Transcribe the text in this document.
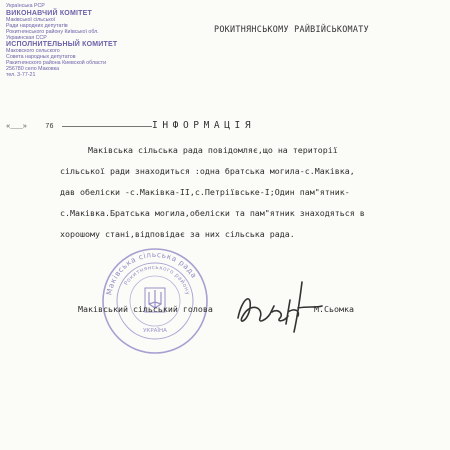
Українська РСР
ВИКОНАВЧИЙ КОМІТЕТ
Маківської сільської
Ради народних депутатів
Рокитнянського району Київської обл.
Украинская ССР
ИСПОЛНИТЕЛЬНЫЙ КОМИТЕТ
Маковского сельского
Совета народных депутатов
Ракитнянского района Киевской области
256780 село Маковка
тел. 3-77-21
«___»	76
РОКИТНЯНСЬКОМУ РАЙВІЙСЬКОМАТУ
ІНФОРМАЦІЯ
Маківська сільська рада повідомляє,що на території
сільської ради знаходиться :одна братська могила-с.Маківка,
дав обеліски -с.Маківка-ІІ,с.Петріївське-І;Один пам"ятник-
с.Маківка.Братська могила,обеліски та пам"ятник знаходяться в
хорошому стані,відповідає за них сільська рада.
Маківська сільська рада
Рокитнянського району
УКРАЇНА
Маківський сільський голова	М.Сьомка
